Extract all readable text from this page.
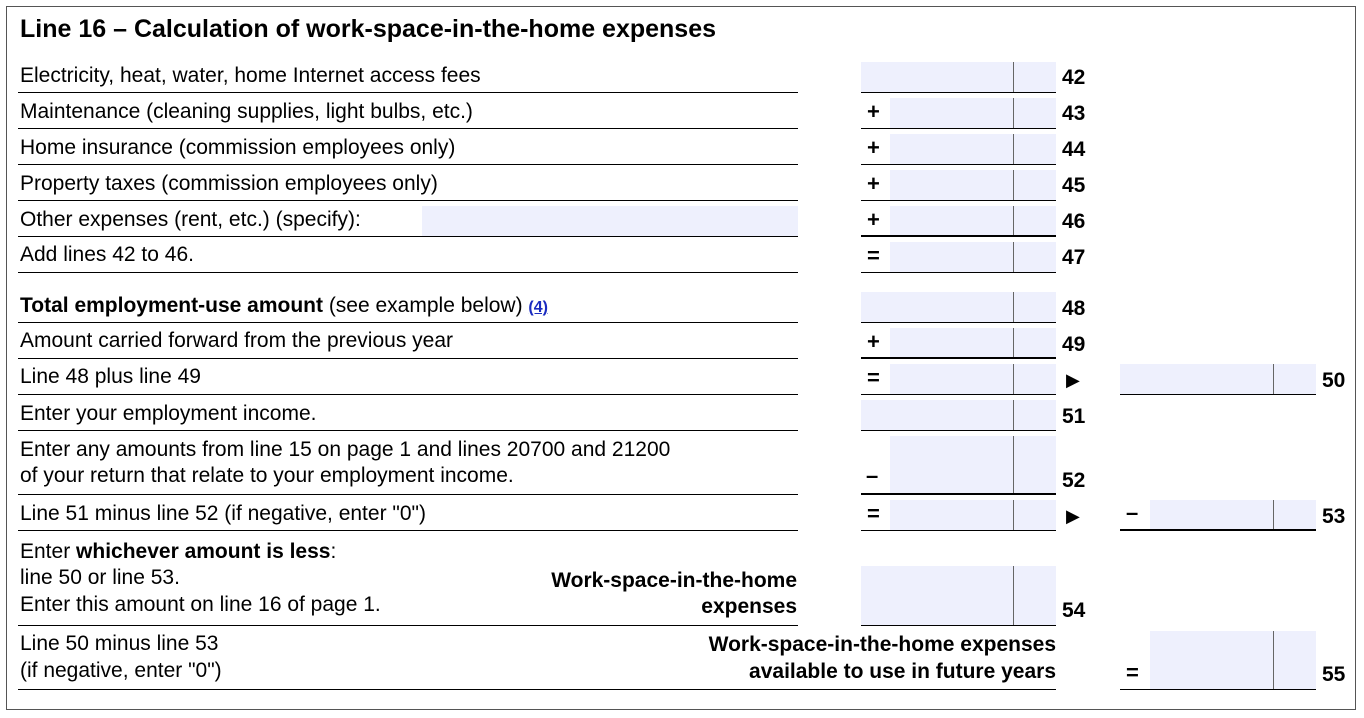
Line 16 – Calculation of work-space-in-the-home expenses
Electricity, heat, water, home Internet access fees	42
Maintenance (cleaning supplies, light bulbs, etc.)	+	43
Home insurance (commission employees only)	+	44
Property taxes (commission employees only)	+	45
Other expenses (rent, etc.) (specify):	+	46
Add lines 42 to 46.	=	47
Total employment-use amount (see example below) (4)	48
Amount carried forward from the previous year	+	49
Line 48 plus line 49	=	▶	50
Enter your employment income.	51
Enter any amounts from line 15 on page 1 and lines 20700 and 21200
of your return that relate to your employment income.	–	52
Line 51 minus line 52 (if negative, enter "0")	=	▶ –	53
Enter whichever amount is less:
line 50 or line 53.
Enter this amount on line 16 of page 1.
Work-space-in-the-home
expenses	54
Line 50 minus line 53
(if negative, enter "0")
Work-space-in-the-home expenses
available to use in future years	=	55
